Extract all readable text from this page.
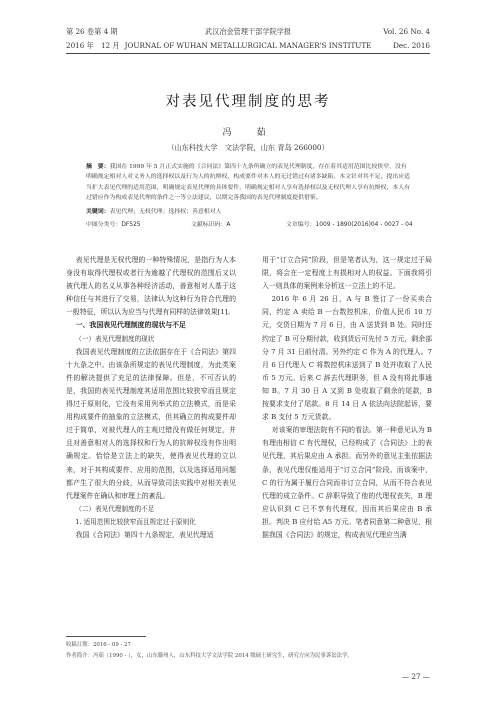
第 26 卷第 4 期	武汉冶金管理干部学院学报	Vol. 26 No. 4
2016 年　12 月 JOURNAL OF WUHAN METALLURGICAL MANAGER'S INSTITUTE	Dec. 2016
对表见代理制度的思考
冯　茹
（山东科技大学　文法学院，山东 青岛 266000）
摘　要：我国在 1999 年 5 月正式实施的《合同法》第四十九条所确立的表见代理制度，存在着其适用范围比较狭窄，没有明确规定相对人对义务人的选择权以及行为人的抗辩权，构成要件对本人的无过错过有诸多缺陷。本文针对其不足，提出应适当扩大表见代理的适用范围，明确规定表见代理的具体要件，明确规定相对人享有选择权以及无权代理人享有抗辩权，本人有过错应作为构成表见代理的条件之一等立法建议，以期完善我国的表见代理制度提供借鉴。
关键词：表见代理；无权代理；选择权；善意相对人
中图分类号：DF525	文献标识码：A	文章编号：1009 - 1890(2016)04 - 0027 - 04

表见代理是无权代理的一种特殊情况，是指行为人本身没有取得代理权或者行为逾越了代理权的范围后又以被代理人的名义从事各种经济活动，善意相对人基于这种信任与其进行了交易，法律认为这种行为符合代理的一般特征，所以认为应当与代理有同样的法律效果[1]。

一、我国表见代理制度的现状与不足

（一）表见代理制度的现状

我国表见代理制度的立法依据存在于《合同法》第四十九条之中。由该条所规定的表见代理制度，为此类案件的解决提供了充足的法律保障。但是，不可否认的是，我国的表见代理制度其适用范围比较狭窄而且规定得过于原则化，它没有采用列举式的立法模式，而是采用构成要件的抽象的立法模式，但其确立的构成要件却过于简单，对被代理人的主观过错没有做任何规定，并且对善意相对人的选择权和行为人的抗辩权没有作出明确规定。恰恰是立法上的缺失，使得表见代理的立以来，对于其构成要件、应用的范围，以及选择适用问题都产生了很大的分歧，从而导致司法实践中对相关表见代理案件在确认和审理上的紊乱。

（二）表见代理制度的不足

1. 适用范围比较狭窄而且规定过于原则化

我国《合同法》第四十九条规定，表见代理适

用于“订立合同”阶段，但是笔者认为，这一规定过于局限，将会在一定程度上有损相对人的权益。下面我将引入一则具体的案例来分析这一立法上的不足。

2016 年 6 月 26 日，A 与 B 签订了一份买卖合同，约定 A 卖给 B 一台数控机床，价值人民币 10 万元，交货日期为 7 月 6 日，由 A 送货到 B 处。同时还约定了 B 可分期付款，收到货后可先付 5 万元，剩余部分 7 月 31 日前付清。另外约定 C 作为 A 的代理人。7 月 6 日代理人 C 将数控机床送到了 B 处并收取了人民币 5 万元。后来 C 辞去代理职务，但 A 没有将此事通知 B。7 月 30 日 A 又到 B 处收取了剩余的尾款，B 按要求支付了尾款。8 月 14 日 A 依法向法院起诉，要求 B 支付 5 万元货款。

对该案的审理法院有不同的看法。第一种意见认为 B 有理由相信 C 有代理权，已经构成了《合同法》上的表见代理，其后果应由 A 承担。而另外的意见主张依据法条，表见代理仅能适用于“订立合同”阶段。而该案中，C 的行为属于履行合同而非订立合同，从而不符合表见代理的成立条件。C 辞职导致了他的代理权丧失，B 理应认识到 C 已不享有代理权，因而其后果应由 B 承担。判决 B 应付给 A5 万元。笔者同意第二种意见，根据我国《合同法》的规定，构成表见代理应当满

收稿日期：2016 - 09 - 27
作者简介：冯茹（1990 - ），女，山东滕州人，山东科技大学文法学院 2014 级硕士研究生，研究方向为民事诉讼法学。
— 27 —
